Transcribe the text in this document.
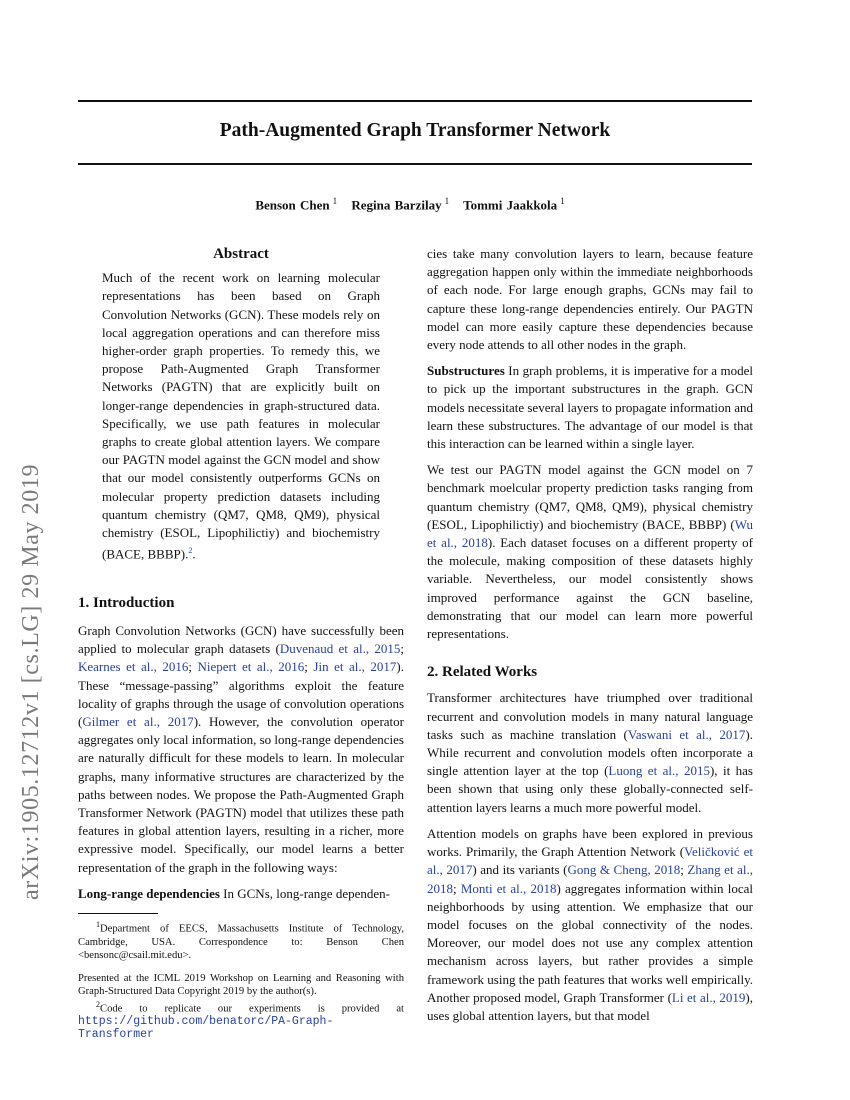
Path-Augmented Graph Transformer Network
Benson Chen $^1$ Regina Barzilay $^1$ Tommi Jaakkola $^1$
arXiv:1905.12712v1 [cs.LG] 29 May 2019
Abstract

Much of the recent work on learning molecular representations has been based on Graph Convolution Networks (GCN). These models rely on local aggregation operations and can therefore miss higher-order graph properties. To remedy this, we propose Path-Augmented Graph Transformer Networks (PAGTN) that are explicitly built on longer-range dependencies in graph-structured data. Specifically, we use path features in molecular graphs to create global attention layers. We compare our PAGTN model against the GCN model and show that our model consistently outperforms GCNs on molecular property prediction datasets including quantum chemistry (QM7, QM8, QM9), physical chemistry (ESOL, Lipophilictiy) and biochemistry (BACE, BBBP).$^2$.

1. Introduction

Graph Convolution Networks (GCN) have successfully been applied to molecular graph datasets (Duvenaud et al., 2015; Kearnes et al., 2016; Niepert et al., 2016; Jin et al., 2017). These “message-passing” algorithms exploit the feature locality of graphs through the usage of convolution operations (Gilmer et al., 2017). However, the convolution operator aggregates only local information, so long-range dependencies are naturally difficult for these models to learn. In molecular graphs, many informative structures are characterized by the paths between nodes. We propose the Path-Augmented Graph Transformer Network (PAGTN) model that utilizes these path features in global attention layers, resulting in a richer, more expressive model. Specifically, our model learns a better representation of the graph in the following ways:

Long-range dependencies In GCNs, long-range dependen-

$^1$Department of EECS, Massachusetts Institute of Technology, Cambridge, USA. Correspondence to: Benson Chen <bensonc@csail.mit.edu>.

Presented at the ICML 2019 Workshop on Learning and Reasoning with Graph-Structured Data Copyright 2019 by the author(s).

$^2$Code to replicate our experiments is provided at https://github.com/benatorc/PA-Graph-Transformer

cies take many convolution layers to learn, because feature aggregation happen only within the immediate neighborhoods of each node. For large enough graphs, GCNs may fail to capture these long-range dependencies entirely. Our PAGTN model can more easily capture these dependencies because every node attends to all other nodes in the graph.

Substructures In graph problems, it is imperative for a model to pick up the important substructures in the graph. GCN models necessitate several layers to propagate information and learn these substructures. The advantage of our model is that this interaction can be learned within a single layer.

We test our PAGTN model against the GCN model on 7 benchmark moelcular property prediction tasks ranging from quantum chemistry (QM7, QM8, QM9), physical chemistry (ESOL, Lipophilictiy) and biochemistry (BACE, BBBP) (Wu et al., 2018). Each dataset focuses on a different property of the molecule, making composition of these datasets highly variable. Nevertheless, our model consistently shows improved performance against the GCN baseline, demonstrating that our model can learn more powerful representations.

2. Related Works

Transformer architectures have triumphed over traditional recurrent and convolution models in many natural language tasks such as machine translation (Vaswani et al., 2017). While recurrent and convolution models often incorporate a single attention layer at the top (Luong et al., 2015), it has been shown that using only these globally-connected self-attention layers learns a much more powerful model.

Attention models on graphs have been explored in previous works. Primarily, the Graph Attention Network (Veličković et al., 2017) and its variants (Gong & Cheng, 2018; Zhang et al., 2018; Monti et al., 2018) aggregates information within local neighborhoods by using attention. We emphasize that our model focuses on the global connectivity of the nodes. Moreover, our model does not use any complex attention mechanism across layers, but rather provides a simple framework using the path features that works well empirically. Another proposed model, Graph Transformer (Li et al., 2019), uses global attention layers, but that model
